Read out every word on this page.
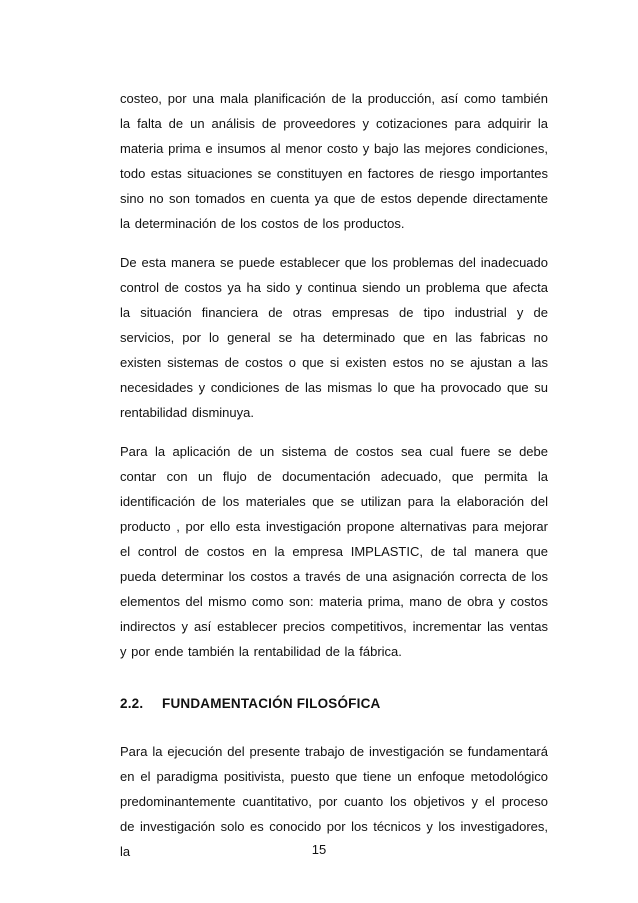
costeo, por una mala planificación de la producción, así como también la falta de un análisis de proveedores y cotizaciones para adquirir la materia prima e insumos al menor costo y bajo las mejores condiciones, todo estas situaciones se constituyen en factores de riesgo importantes sino no son tomados en cuenta ya que de estos depende directamente la determinación de los costos de los productos.

De esta manera se puede establecer que los problemas del inadecuado control de costos ya ha sido y continua siendo un problema que afecta la situación financiera de otras empresas de tipo industrial y de servicios, por lo general se ha determinado que en las fabricas no existen sistemas de costos o que si existen estos no se ajustan a las necesidades y condiciones de las mismas lo que ha provocado que su rentabilidad disminuya.

Para la aplicación de un sistema de costos sea cual fuere se debe contar con un flujo de documentación adecuado, que permita la identificación de los materiales que se utilizan para la elaboración del producto , por ello esta investigación propone alternativas para mejorar el control de costos en la empresa IMPLASTIC, de tal manera que pueda determinar los costos a través de una asignación correcta de los elementos del mismo como son: materia prima, mano de obra y costos indirectos y así establecer precios competitivos, incrementar las ventas y por ende también la rentabilidad de la fábrica.

2.2. FUNDAMENTACIÓN FILOSÓFICA

Para la ejecución del presente trabajo de investigación se fundamentará en el paradigma positivista, puesto que tiene un enfoque metodológico predominantemente cuantitativo, por cuanto los objetivos y el proceso de investigación solo es conocido por los técnicos y los investigadores, la	15
